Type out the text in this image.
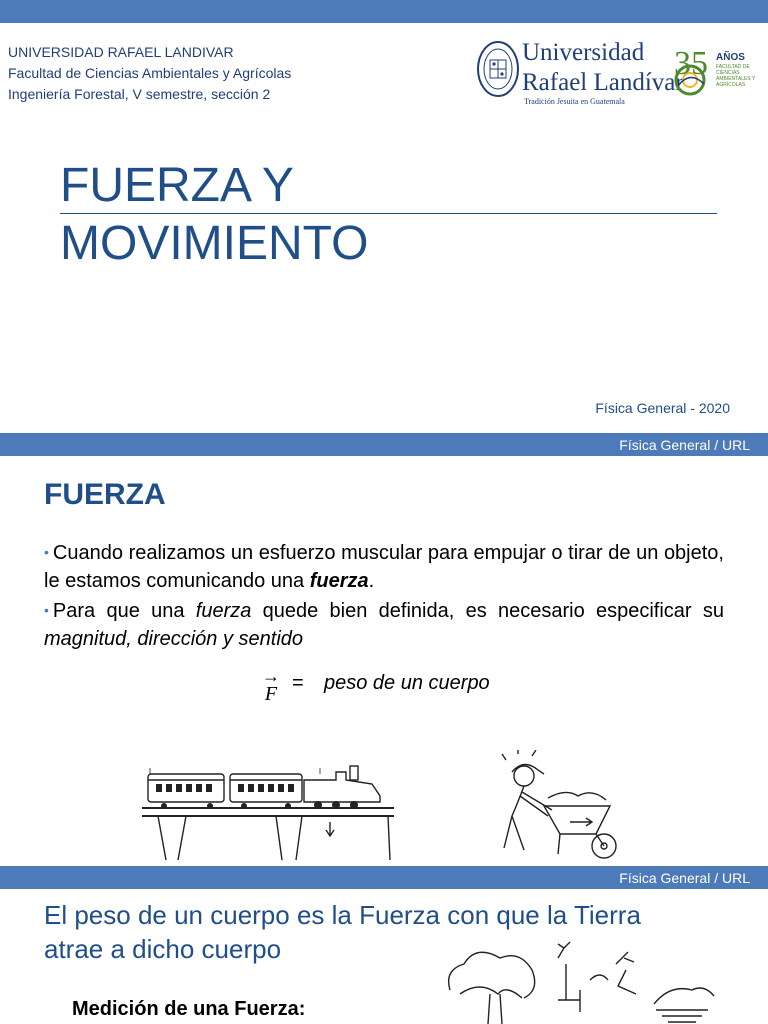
UNIVERSIDAD RAFAEL LANDIVAR
Facultad de Ciencias Ambientales y Agrícolas
Ingeniería Forestal, V semestre, sección 2
Universidad
Rafael Landívar
Tradición Jesuita en Guatemala
35 AÑOS
FACULTAD DE CIENCIAS AMBIENTALES Y AGRÍCOLAS
FUERZA Y
MOVIMIENTO
Física General - 2020
Física General / URL
FUERZA
• Cuando realizamos un esfuerzo muscular para empujar o tirar de un objeto, le estamos comunicando una fuerza.
• Para que una fuerza quede bien definida, es necesario especificar su magnitud, dirección y sentido
→
F = peso de un cuerpo
Física General / URL
El peso de un cuerpo es la Fuerza con que la Tierra atrae a dicho cuerpo
Medición de una Fuerza:
